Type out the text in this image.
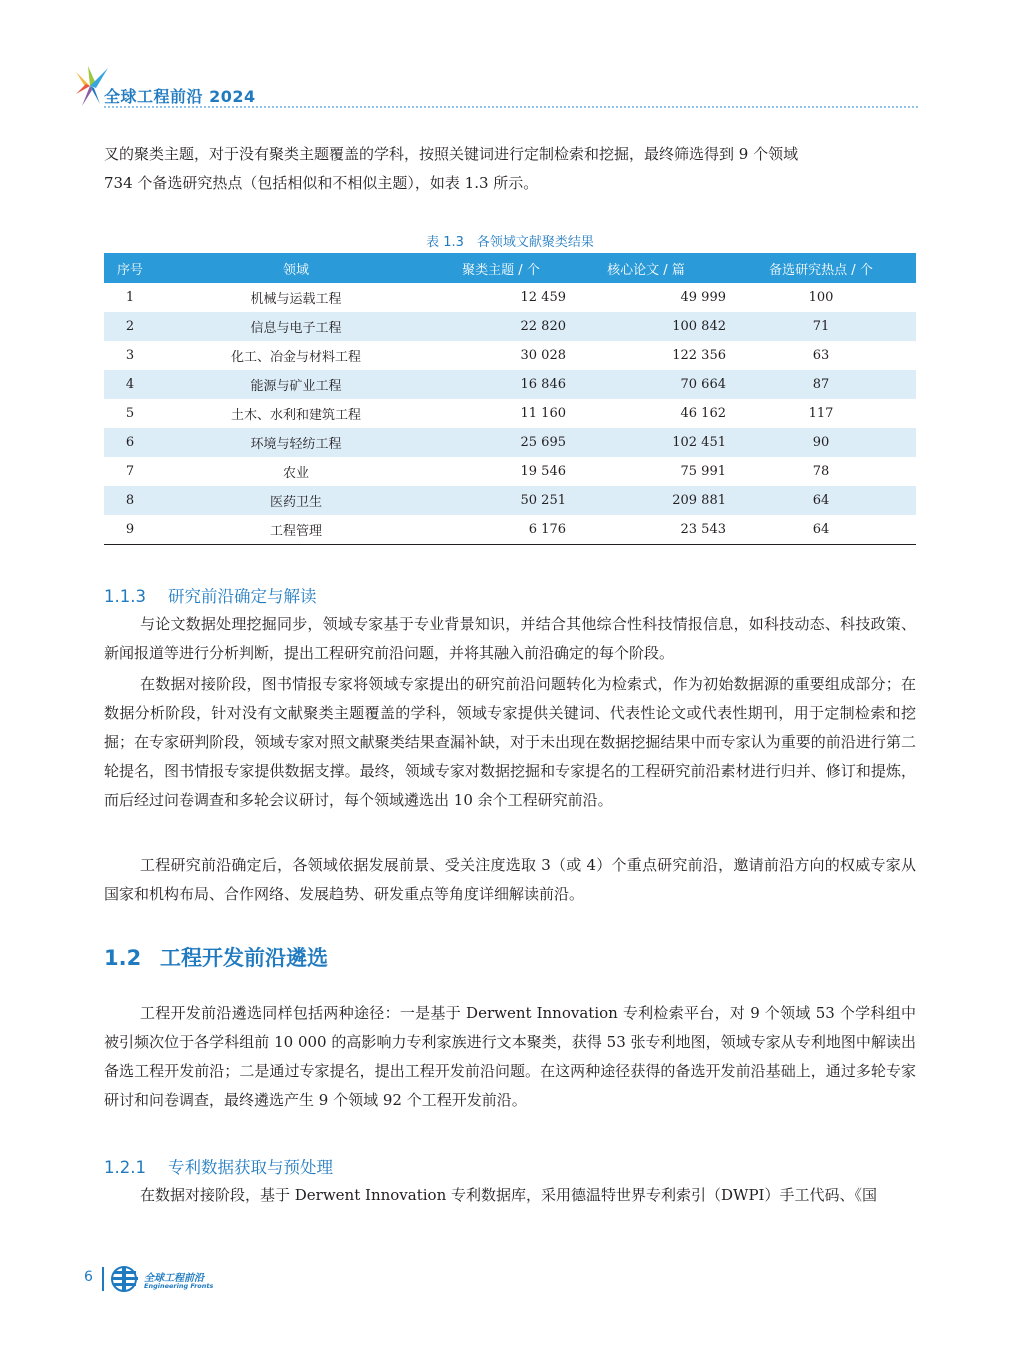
全球工程前沿 2024

叉的聚类主题，对于没有聚类主题覆盖的学科，按照关键词进行定制检索和挖掘，最终筛选得到 9 个领域

734 个备选研究热点（包括相似和不相似主题），如表 1.3 所示。

表 1.3　各领域文献聚类结果
序号	领域	聚类主题 / 个	核心论文 / 篇	备选研究热点 / 个
1	机械与运载工程	12 459	49 999	100
2	信息与电子工程	22 820	100 842	71
3	化工、冶金与材料工程	30 028	122 356	63
4	能源与矿业工程	16 846	70 664	87
5	土木、水利和建筑工程	11 160	46 162	117
6	环境与轻纺工程	25 695	102 451	90
7	农业	19 546	75 991	78
8	医药卫生	50 251	209 881	64
9	工程管理	6 176	23 543	64
1.1.3 研究前沿确定与解读

与论文数据处理挖掘同步，领域专家基于专业背景知识，并结合其他综合性科技情报信息，如科技动态、科技政策、新闻报道等进行分析判断，提出工程研究前沿问题，并将其融入前沿确定的每个阶段。

在数据对接阶段，图书情报专家将领域专家提出的研究前沿问题转化为检索式，作为初始数据源的重要组成部分；在数据分析阶段，针对没有文献聚类主题覆盖的学科，领域专家提供关键词、代表性论文或代表性期刊，用于定制检索和挖掘；在专家研判阶段，领域专家对照文献聚类结果查漏补缺，对于未出现在数据挖掘结果中而专家认为重要的前沿进行第二轮提名，图书情报专家提供数据支撑。最终，领域专家对数据挖掘和专家提名的工程研究前沿素材进行归并、修订和提炼，而后经过问卷调查和多轮会议研讨，每个领域遴选出 10 余个工程研究前沿。

工程研究前沿确定后，各领域依据发展前景、受关注度选取 3（或 4）个重点研究前沿，邀请前沿方向的权威专家从国家和机构布局、合作网络、发展趋势、研发重点等角度详细解读前沿。

1.2 工程开发前沿遴选

工程开发前沿遴选同样包括两种途径：一是基于 Derwent Innovation 专利检索平台，对 9 个领域 53 个学科组中被引频次位于各学科组前 10 000 的高影响力专利家族进行文本聚类，获得 53 张专利地图，领域专家从专利地图中解读出备选工程开发前沿；二是通过专家提名，提出工程开发前沿问题。在这两种途径获得的备选开发前沿基础上，通过多轮专家研讨和问卷调查，最终遴选产生 9 个领域 92 个工程开发前沿。

1.2.1 专利数据获取与预处理

在数据对接阶段，基于 Derwent Innovation 专利数据库，采用德温特世界专利索引（DWPI）手工代码、《国

6	全球工程前沿
Engineering Fronts
